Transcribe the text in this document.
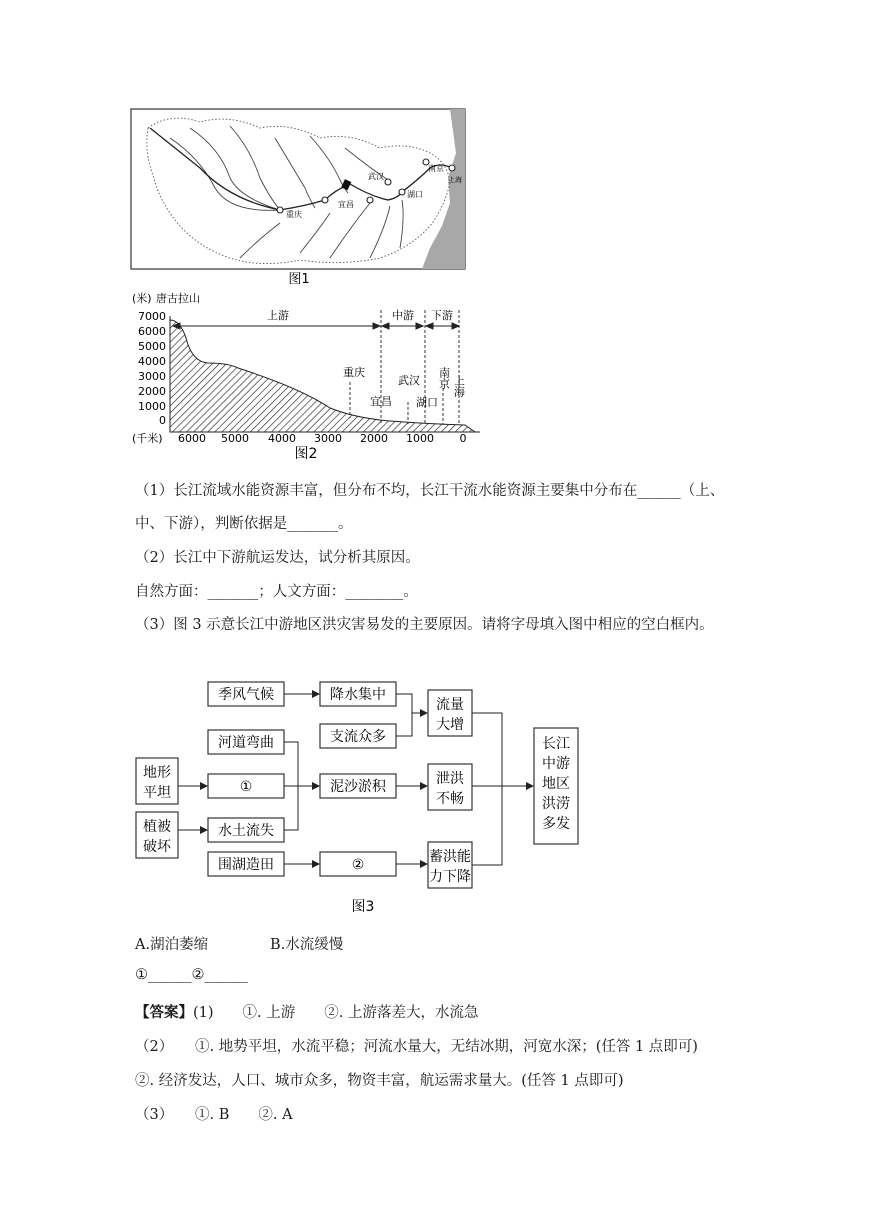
南京
武汉
宜昌
重庆
湖口
上海
图1
(米) 唐古拉山
7000
6000
5000
4000
3000
2000
1000
0
上游	中游 下游
重庆
宜昌
武汉
湖口
南京 上海
(千米) 6000 5000 4000 3000 2000 1000 0
图2
（1）长江流域水能资源丰富，但分布不均，长江干流水能资源主要集中分布在______（上、
中、下游），判断依据是_______。
（2）长江中下游航运发达，试分析其原因。
自然方面：_______；人文方面：________。
（3）图 3 示意长江中游地区洪灾害易发的主要原因。请将字母填入图中相应的空白框内。
季风气候	降水集中
支流众多
流量
大增
河道弯曲
地形
平坦	①	泥沙淤积	泄洪
不畅
植被
破坏
水土流失
围湖造田	②	蓄洪能
力下降
长江
中游
地区
洪涝
多发
图3
A.湖泊萎缩	B.水流缓慢
①______②______
【答案】(1)　　①. 上游　　②. 上游落差大，水流急
（2）　　①. 地势平坦，水流平稳；河流水量大，无结冰期，河宽水深；(任答 1 点即可)
②. 经济发达，人口、城市众多，物资丰富，航运需求量大。(任答 1 点即可)
（3）　　①. B　　②. A
